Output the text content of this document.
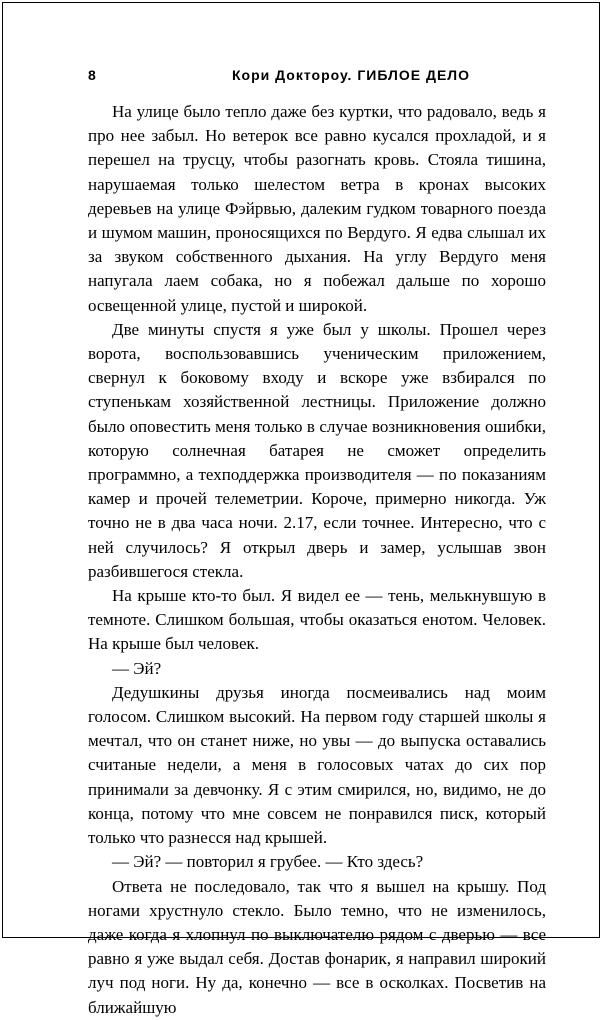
8	Кори Доктороу. ГИБЛОЕ ДЕЛО

На улице было тепло даже без куртки, что радовало, ведь я про нее забыл. Но ветерок все равно кусался прохладой, и я перешел на трусцу, чтобы разогнать кровь. Стояла тишина, нарушаемая только шелестом ветра в кронах высоких деревьев на улице Фэйрвью, далеким гудком товарного поезда и шумом машин, проносящихся по Вердуго. Я едва слышал их за звуком собственного дыхания. На углу Вердуго меня напугала лаем собака, но я побежал дальше по хорошо освещенной улице, пустой и широкой.

Две минуты спустя я уже был у школы. Прошел через ворота, воспользовавшись ученическим приложением, свернул к боковому входу и вскоре уже взбирался по ступенькам хозяйственной лестницы. Приложение должно было оповестить меня только в случае возникновения ошибки, которую солнечная батарея не сможет определить программно, а техподдержка производителя — по показаниям камер и прочей телеметрии. Короче, примерно никогда. Уж точно не в два часа ночи. 2.17, если точнее. Интересно, что с ней случилось? Я открыл дверь и замер, услышав звон разбившегося стекла.

На крыше кто-то был. Я видел ее — тень, мелькнувшую в темноте. Слишком большая, чтобы оказаться енотом. Человек. На крыше был человек.

— Эй?

Дедушкины друзья иногда посмеивались над моим голосом. Слишком высокий. На первом году старшей школы я мечтал, что он станет ниже, но увы — до выпуска оставались считаные недели, а меня в голосовых чатах до сих пор принимали за девчонку. Я с этим смирился, но, видимо, не до конца, потому что мне совсем не понравился писк, который только что разнесся над крышей.

— Эй? — повторил я грубее. — Кто здесь?

Ответа не последовало, так что я вышел на крышу. Под ногами хрустнуло стекло. Было темно, что не изменилось, даже когда я хлопнул по выключателю рядом с дверью — все равно я уже выдал себя. Достав фонарик, я направил широкий луч под ноги. Ну да, конечно — все в осколках. Посветив на ближайшую
